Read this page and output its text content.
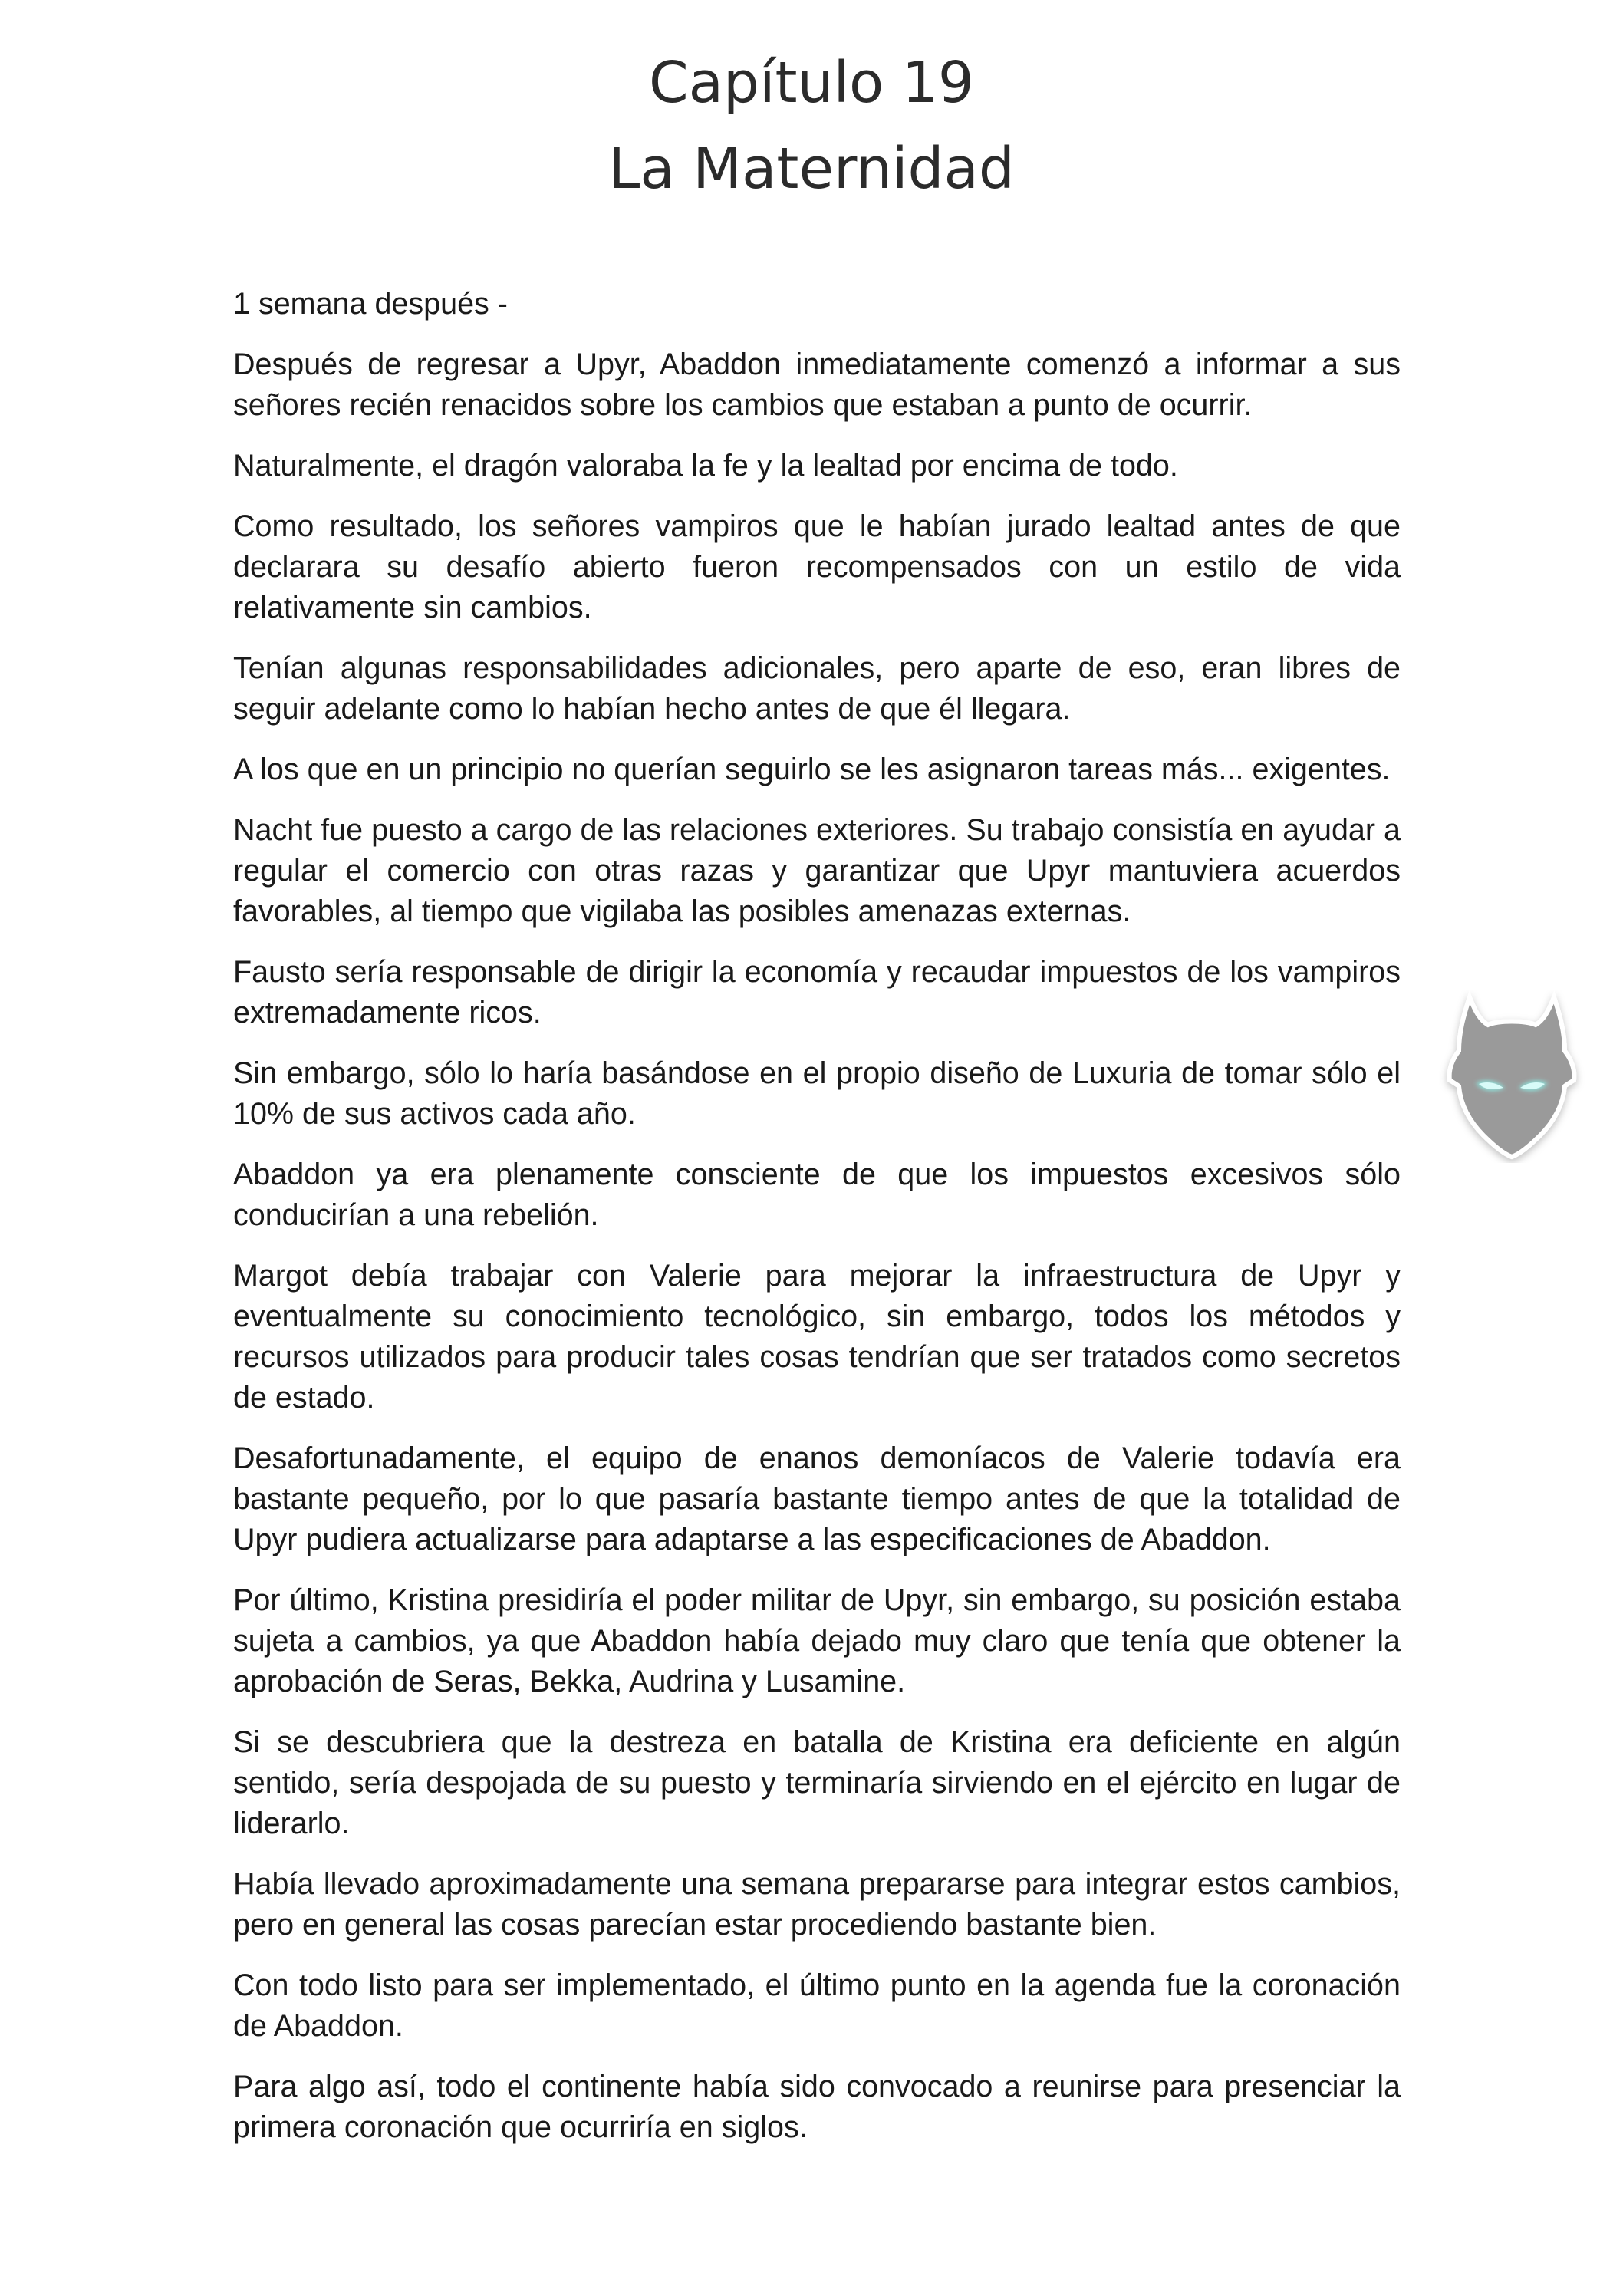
Capítulo 19
La Maternidad

1 semana después -

Después de regresar a Upyr, Abaddon inmediatamente comenzó a informar a sus señores recién renacidos sobre los cambios que estaban a punto de ocurrir.

Naturalmente, el dragón valoraba la fe y la lealtad por encima de todo.

Como resultado, los señores vampiros que le habían jurado lealtad antes de que declarara su desafío abierto fueron recompensados con un estilo de vida relativamente sin cambios.

Tenían algunas responsabilidades adicionales, pero aparte de eso, eran libres de seguir adelante como lo habían hecho antes de que él llegara.

A los que en un principio no querían seguirlo se les asignaron tareas más... exigentes.

Nacht fue puesto a cargo de las relaciones exteriores. Su trabajo consistía en ayudar a regular el comercio con otras razas y garantizar que Upyr mantuviera acuerdos favorables, al tiempo que vigilaba las posibles amenazas externas.

Fausto sería responsable de dirigir la economía y recaudar impuestos de los vampiros extremadamente ricos.

Sin embargo, sólo lo haría basándose en el propio diseño de Luxuria de tomar sólo el 10% de sus activos cada año.

Abaddon ya era plenamente consciente de que los impuestos excesivos sólo conducirían a una rebelión.

Margot debía trabajar con Valerie para mejorar la infraestructura de Upyr y eventualmente su conocimiento tecnológico, sin embargo, todos los métodos y recursos utilizados para producir tales cosas tendrían que ser tratados como secretos de estado.

Desafortunadamente, el equipo de enanos demoníacos de Valerie todavía era bastante pequeño, por lo que pasaría bastante tiempo antes de que la totalidad de Upyr pudiera actualizarse para adaptarse a las especificaciones de Abaddon.

Por último, Kristina presidiría el poder militar de Upyr, sin embargo, su posición estaba sujeta a cambios, ya que Abaddon había dejado muy claro que tenía que obtener la aprobación de Seras, Bekka, Audrina y Lusamine.

Si se descubriera que la destreza en batalla de Kristina era deficiente en algún sentido, sería despojada de su puesto y terminaría sirviendo en el ejército en lugar de liderarlo.

Había llevado aproximadamente una semana prepararse para integrar estos cambios, pero en general las cosas parecían estar procediendo bastante bien.

Con todo listo para ser implementado, el último punto en la agenda fue la coronación de Abaddon.

Para algo así, todo el continente había sido convocado a reunirse para presenciar la primera coronación que ocurriría en siglos.
